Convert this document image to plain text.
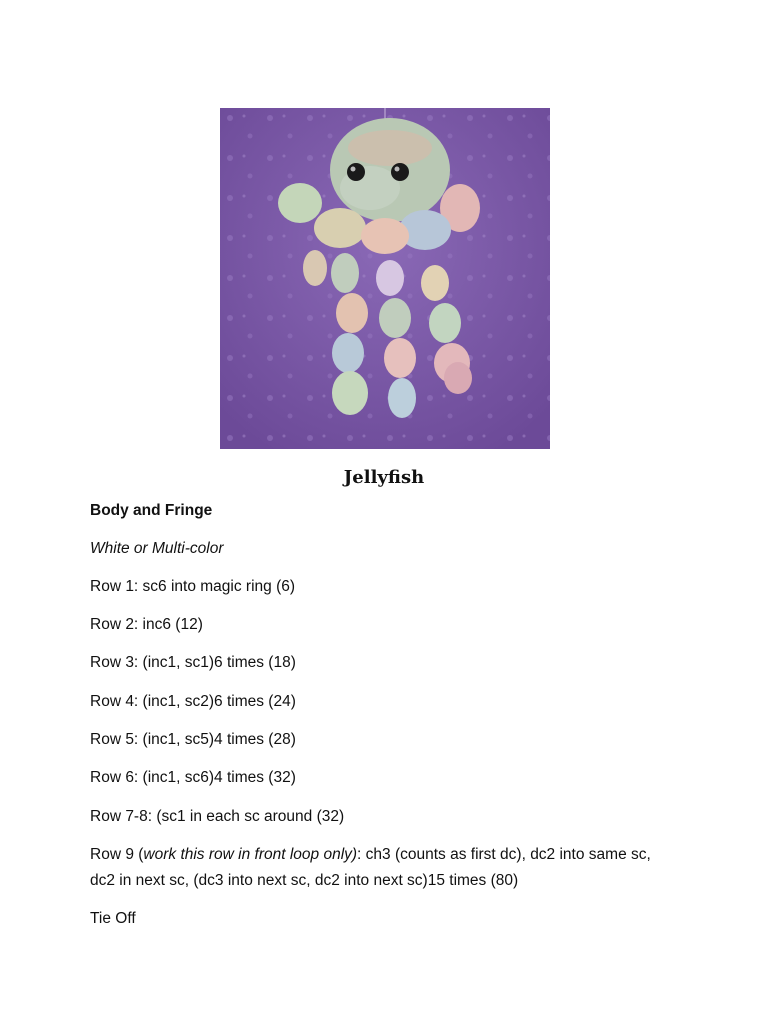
Jellyfish

Body and Fringe

White or Multi-color

Row 1: sc6 into magic ring (6)

Row 2: inc6 (12)

Row 3: (inc1, sc1)6 times (18)

Row 4: (inc1, sc2)6 times (24)

Row 5: (inc1, sc5)4 times (28)

Row 6: (inc1, sc6)4 times (32)

Row 7-8: (sc1 in each sc around (32)

Row 9 (work this row in front loop only): ch3 (counts as first dc), dc2 into same sc,
dc2 in next sc, (dc3 into next sc, dc2 into next sc)15 times (80)

Tie Off
